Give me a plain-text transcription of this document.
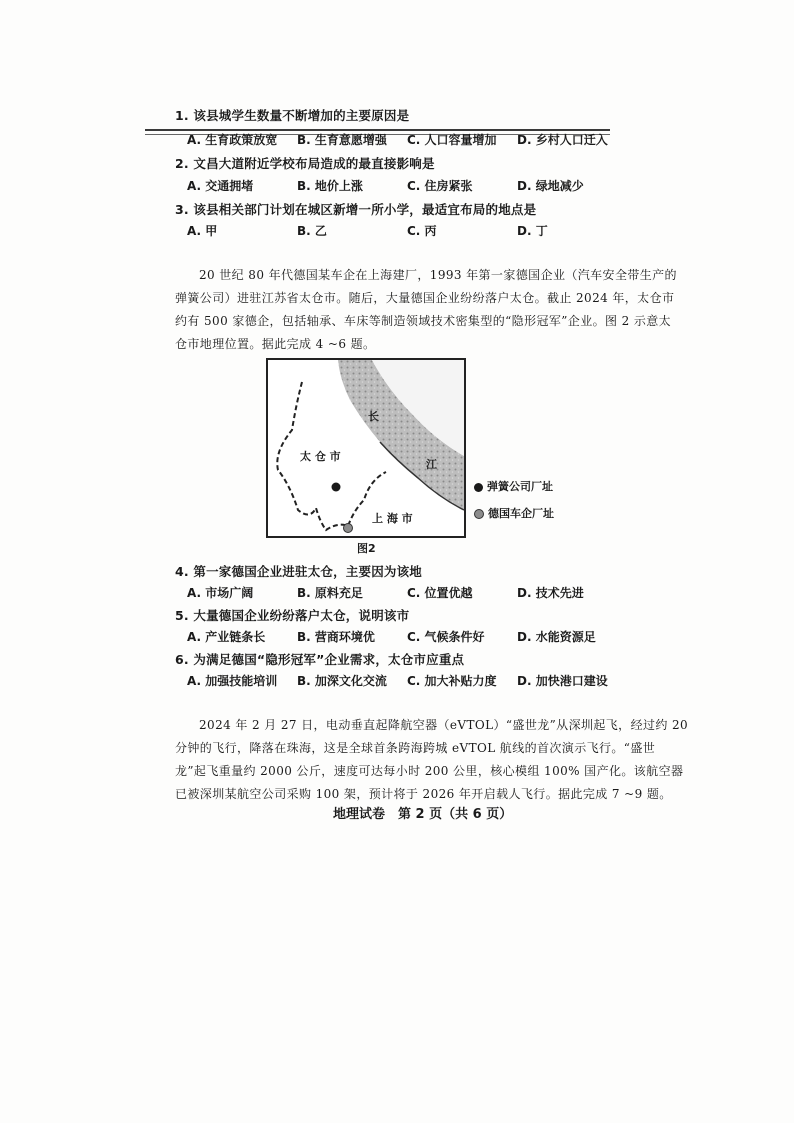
1. 该县城学生数量不断增加的主要原因是
A. 生育政策放宽 B. 生育意愿增强 C. 人口容量增加 D. 乡村人口迁入
2. 文昌大道附近学校布局造成的最直接影响是
A. 交通拥堵	B. 地价上涨	C. 住房紧张	D. 绿地减少
3. 该县相关部门计划在城区新增一所小学，最适宜布局的地点是
A. 甲	B. 乙	C. 丙	D. 丁
20 世纪 80 年代德国某车企在上海建厂，1993 年第一家德国企业（汽车安全带生产的
弹簧公司）进驻江苏省太仓市。随后，大量德国企业纷纷落户太仓。截止 2024 年，太仓市
约有 500 家德企，包括轴承、车床等制造领域技术密集型的“隐形冠军”企业。图 2 示意太
仓市地理位置。据此完成 4 ~6 题。
太 仓 市
上 海 市
长
江
弹簧公司厂址
德国车企厂址
图2
4. 第一家德国企业进驻太仓，主要因为该地
A. 市场广阔	B. 原料充足	C. 位置优越	D. 技术先进
5. 大量德国企业纷纷落户太仓，说明该市
A. 产业链条长	B. 营商环境优	C. 气候条件好	D. 水能资源足
6. 为满足德国“隐形冠军”企业需求，太仓市应重点
A. 加强技能培训 B. 加深文化交流 C. 加大补贴力度 D. 加快港口建设
2024 年 2 月 27 日，电动垂直起降航空器（eVTOL）“盛世龙”从深圳起飞，经过约 20
分钟的飞行，降落在珠海，这是全球首条跨海跨城 eVTOL 航线的首次演示飞行。“盛世
龙”起飞重量约 2000 公斤，速度可达每小时 200 公里，核心模组 100% 国产化。该航空器
已被深圳某航空公司采购 100 架，预计将于 2026 年开启载人飞行。据此完成 7 ~9 题。
地理试卷　第 2 页（共 6 页）
